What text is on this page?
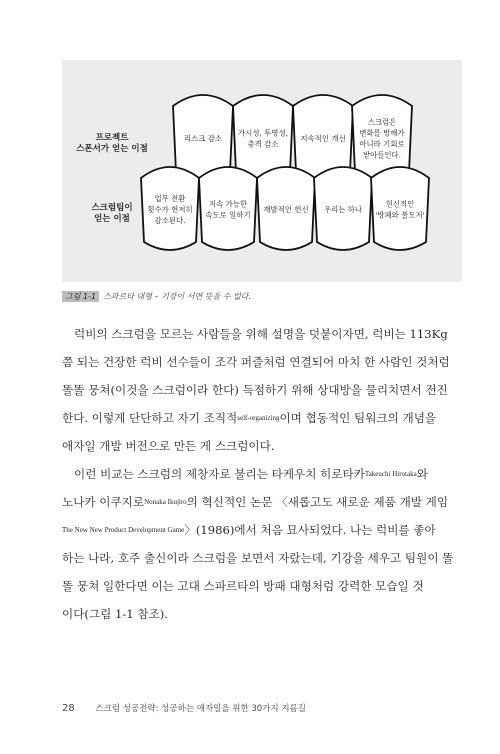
리스크 감소
가시성, 투명성,
충격 감소
지속적인 개선
스크럼은
변화를 방해가
아니라 기회로
받아들인다.
업무 전환
횟수가 현저히
감소된다.
지속 가능한
속도로 일하기
재발적인 헌신 우리는 하나
헌신적인
'방패와 불도저'
프로젝트
스폰서가 얻는 이점
스크럼팀이
얻는 이점
그림 1-1 스파르타 대형 – 기강이 서면 뜻을 수 없다.
럭비의 스크럼을 모르는 사람들을 위해 설명을 덧붙이자면, 럭비는 113Kg
쯤 되는 건장한 럭비 선수들이 조각 퍼즐처럼 연결되어 마치 한 사람인 것처럼
똘똘 뭉쳐(이것을 스크럼이라 한다) 득점하기 위해 상대방을 물리치면서 전진
한다. 이렇게 단단하고 자기 조직적self-organizing이며 협동적인 팀워크의 개념을
애자일 개발 버전으로 만든 게 스크럼이다.
이런 비교는 스크럼의 제창자로 불리는 타케우치 히로타카Takeuchi Hirotaka와
노나카 이쿠지로Nonaka Ikujiro의 혁신적인 논문 〈새롭고도 새로운 제품 개발 게임
The New New Product Development Game〉(1986)에서 처음 묘사되었다. 나는 럭비를 좋아
하는 나라, 호주 출신이라 스크럼을 보면서 자랐는데, 기강을 세우고 팀원이 똘
똘 뭉쳐 일한다면 이는 고대 스파르타의 방패 대형처럼 강력한 모습일 것
이다(그림 1-1 참조).
28 스크럼 성공전략: 성공하는 애자일을 위한 30가지 지름길
